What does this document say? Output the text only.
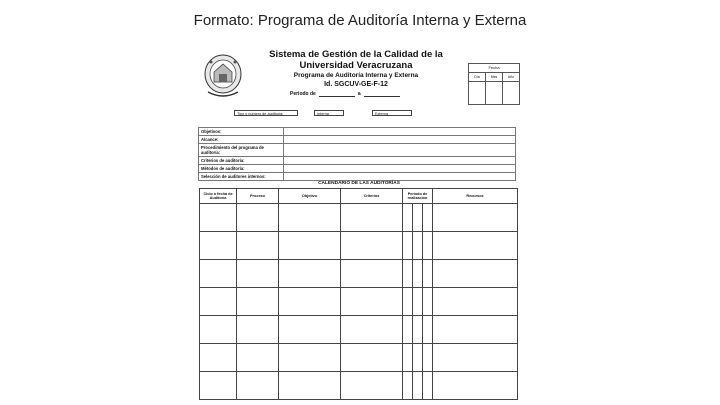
Formato: Programa de Auditoría Interna y Externa
Sistema de Gestión de la Calidad de la
Universidad Veracruzana
Programa de Auditoría Interna y Externa
Id. SGCUV-GE-F-12
Periodo de	a
Fecha
Día	Mes	Año
Tipo y número de auditoría:	Interna	Externa
Objetivos:	
Alcance:	
Procedimiento del programa de auditoría:	
Criterios de auditoría:	
Métodos de auditoría:	
Selección de auditores internos:	
CALENDARIO DE LAS AUDITORÍAS
Ciclo o fecha de Auditoría	Proceso	Objetivo	Criterios	Período de realización			Recursos
